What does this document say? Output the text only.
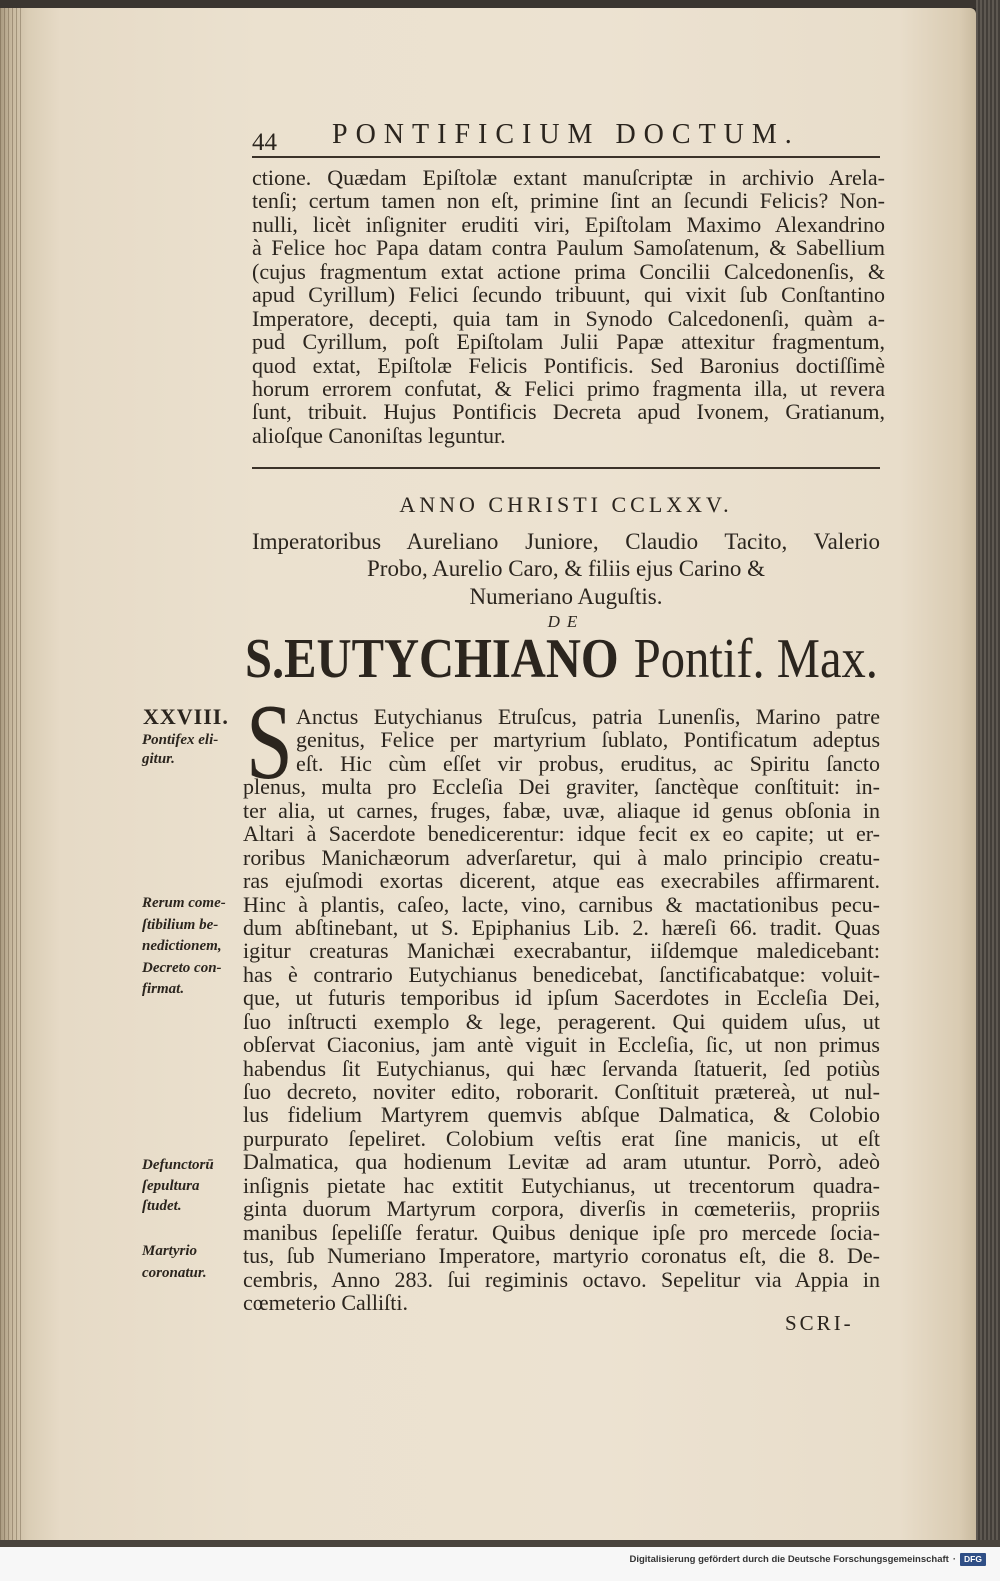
44 PONTIFICIUM DOCTUM.
ctione. Quædam Epiſtolæ extant manuſcriptæ in archivio Arela-
tenſi; certum tamen non eſt, primine ſint an ſecundi Felicis? Non-
nulli, licèt inſigniter eruditi viri, Epiſtolam Maximo Alexandrino
à Felice hoc Papa datam contra Paulum Samoſatenum, & Sabellium
(cujus fragmentum extat actione prima Concilii Calcedonenſis, &
apud Cyrillum) Felici ſecundo tribuunt, qui vixit ſub Conſtantino
Imperatore, decepti, quia tam in Synodo Calcedonenſi, quàm a-
pud Cyrillum, poſt Epiſtolam Julii Papæ attexitur fragmentum,
quod extat, Epiſtolæ Felicis Pontificis. Sed Baronius doctiſſimè
horum errorem confutat, & Felici primo fragmenta illa, ut revera
ſunt, tribuit. Hujus Pontificis Decreta apud Ivonem, Gratianum,
alioſque Canoniſtas leguntur.
ANNO CHRISTI CCLXXV.
Imperatoribus Aureliano Juniore, Claudio Tacito, Valerio
Probo, Aurelio Caro, & filiis ejus Carino &
Numeriano Auguſtis.
DE
S.EUTYCHIANO Pontif. Max.
S Anctus Eutychianus Etruſcus, patria Lunenſis, Marino patre
genitus, Felice per martyrium ſublato, Pontificatum adeptus
eſt. Hic cùm eſſet vir probus, eruditus, ac Spiritu ſancto
plenus, multa pro Eccleſia Dei graviter, ſanctèque conſtituit: in-
ter alia, ut carnes, fruges, fabæ, uvæ, aliaque id genus obſonia in
Altari à Sacerdote benedicerentur: idque fecit ex eo capite; ut er-
roribus Manichæorum adverſaretur, qui à malo principio creatu-
ras ejuſmodi exortas dicerent, atque eas execrabiles affirmarent.
Hinc à plantis, caſeo, lacte, vino, carnibus & mactationibus pecu-
dum abſtinebant, ut S. Epiphanius Lib. 2. hæreſi 66. tradit. Quas
igitur creaturas Manichæi execrabantur, iiſdemque maledicebant:
has è contrario Eutychianus benedicebat, ſanctificabatque: voluit-
que, ut futuris temporibus id ipſum Sacerdotes in Eccleſia Dei,
ſuo inſtructi exemplo & lege, peragerent. Qui quidem uſus, ut
obſervat Ciaconius, jam antè viguit in Eccleſia, ſic, ut non primus
habendus ſit Eutychianus, qui hæc ſervanda ſtatuerit, ſed potiùs
ſuo decreto, noviter edito, roborarit. Conſtituit prætereà, ut nul-
lus fidelium Martyrem quemvis abſque Dalmatica, & Colobio
purpurato ſepeliret. Colobium veſtis erat ſine manicis, ut eſt
Dalmatica, qua hodienum Levitæ ad aram utuntur. Porrò, adeò
inſignis pietate hac extitit Eutychianus, ut trecentorum quadra-
ginta duorum Martyrum corpora, diverſis in cœmeteriis, propriis
manibus ſepeliſſe feratur. Quibus denique ipſe pro mercede ſocia-
tus, ſub Numeriano Imperatore, martyrio coronatus eſt, die 8. De-
cembris, Anno 283. ſui regiminis octavo. Sepelitur via Appia in
cœmeterio Calliſti.
XXVIII.
Pontifex eli-
gitur.
Rerum come-
ſtibilium be-
nedictionem,
Decreto con-
firmat.
Defunctorū
ſepultura
ſtudet.
Martyrio
coronatur.
SCRI-
Digitalisierung gefördert durch die Deutsche Forschungsgemeinschaft · DFG
